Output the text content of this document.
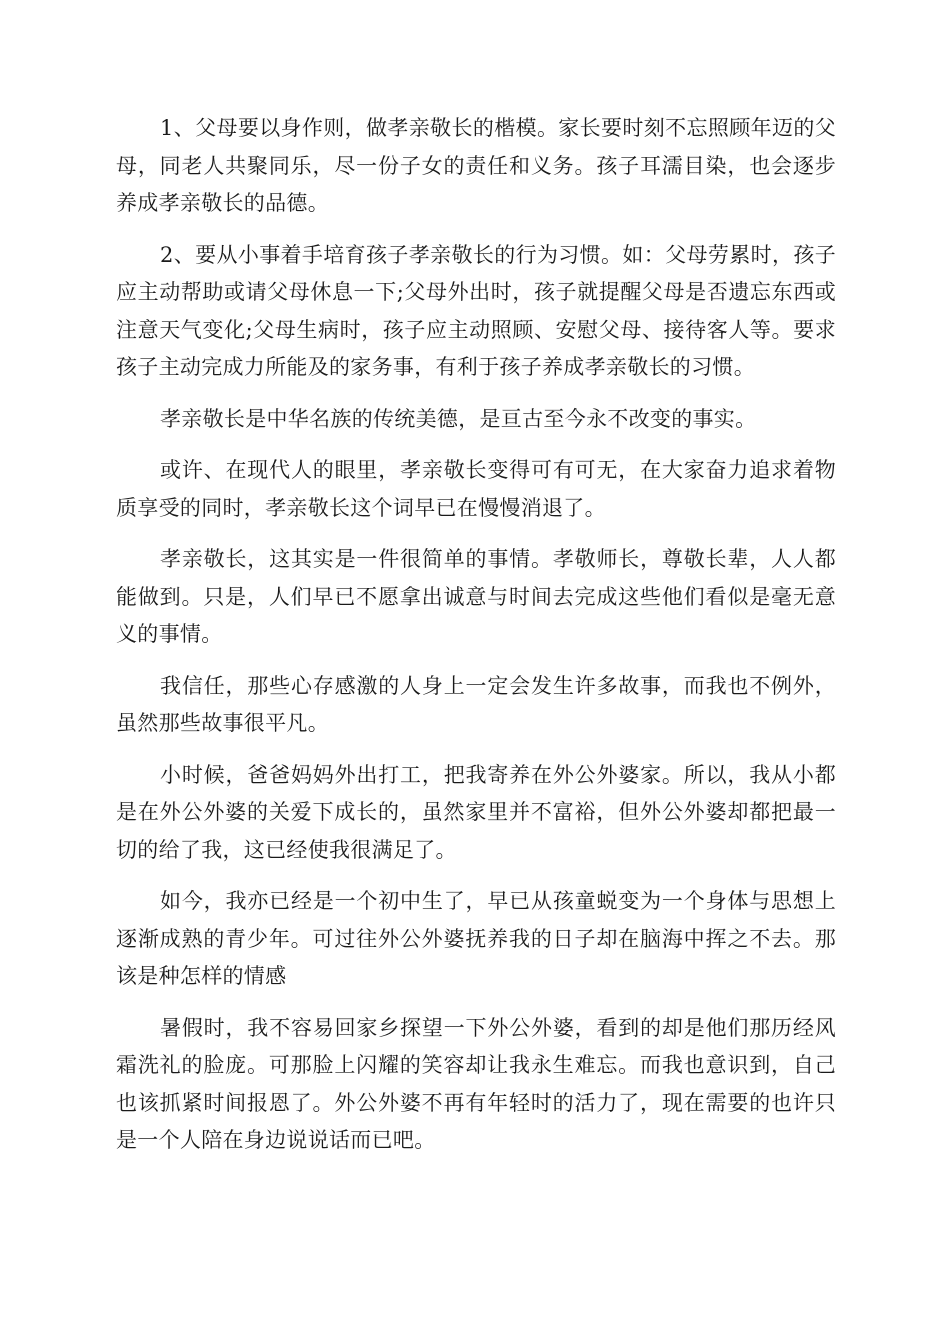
1、父母要以身作则，做孝亲敬长的楷模。家长要时刻不忘照顾年迈的父母，同老人共聚同乐，尽一份子女的责任和义务。孩子耳濡目染，也会逐步养成孝亲敬长的品德。

2、要从小事着手培育孩子孝亲敬长的行为习惯。如：父母劳累时，孩子应主动帮助或请父母休息一下;父母外出时，孩子就提醒父母是否遗忘东西或注意天气变化;父母生病时，孩子应主动照顾、安慰父母、接待客人等。要求孩子主动完成力所能及的家务事，有利于孩子养成孝亲敬长的习惯。

孝亲敬长是中华名族的传统美德，是亘古至今永不改变的事实。

或许、在现代人的眼里，孝亲敬长变得可有可无，在大家奋力追求着物质享受的同时，孝亲敬长这个词早已在慢慢消退了。

孝亲敬长，这其实是一件很简单的事情。孝敬师长，尊敬长辈，人人都能做到。只是，人们早已不愿拿出诚意与时间去完成这些他们看似是毫无意义的事情。

我信任，那些心存感激的人身上一定会发生许多故事，而我也不例外，虽然那些故事很平凡。

小时候，爸爸妈妈外出打工，把我寄养在外公外婆家。所以，我从小都是在外公外婆的关爱下成长的，虽然家里并不富裕，但外公外婆却都把最一切的给了我，这已经使我很满足了。

如今，我亦已经是一个初中生了，早已从孩童蜕变为一个身体与思想上逐渐成熟的青少年。可过往外公外婆抚养我的日子却在脑海中挥之不去。那该是种怎样的情感

暑假时，我不容易回家乡探望一下外公外婆，看到的却是他们那历经风霜洗礼的脸庞。可那脸上闪耀的笑容却让我永生难忘。而我也意识到，自己也该抓紧时间报恩了。外公外婆不再有年轻时的活力了，现在需要的也许只是一个人陪在身边说说话而已吧。
